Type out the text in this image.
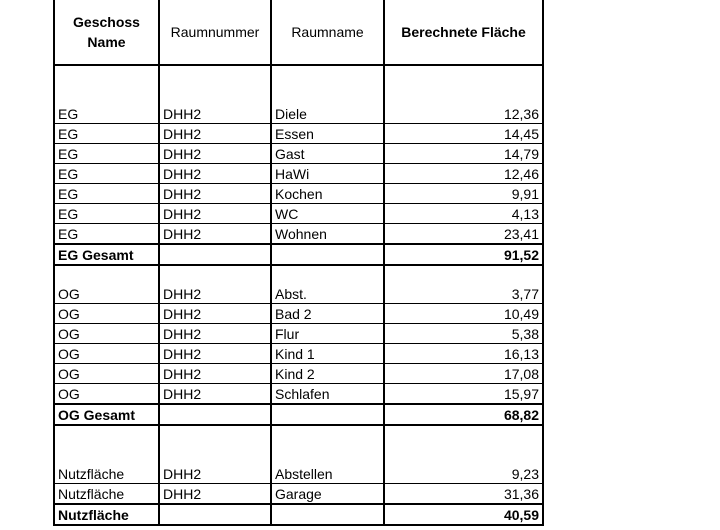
Geschoss Name	Raumnummer	Raumname	Berechnete Fläche

EG	DHH2	Diele	12,36
EG	DHH2	Essen	14,45
EG	DHH2	Gast	14,79
EG	DHH2	HaWi	12,46
EG	DHH2	Kochen	9,91
EG	DHH2	WC	4,13
EG	DHH2	Wohnen	23,41
EG Gesamt			91,52

OG	DHH2	Abst.	3,77
OG	DHH2	Bad 2	10,49
OG	DHH2	Flur	5,38
OG	DHH2	Kind 1	16,13
OG	DHH2	Kind 2	17,08
OG	DHH2	Schlafen	15,97
OG Gesamt			68,82

Nutzfläche	DHH2	Abstellen	9,23
Nutzfläche	DHH2	Garage	31,36
Nutzfläche			40,59
